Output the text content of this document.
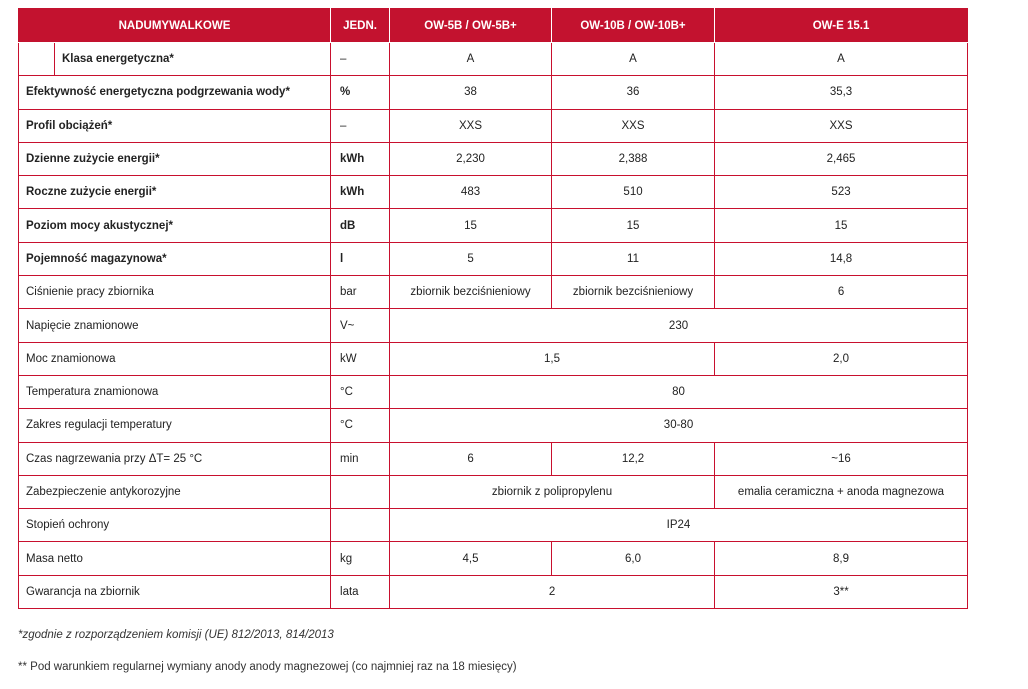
NADUMYWALKOWE		JEDN.	OW-5B / OW-5B+	OW-10B / OW-10B+	OW-E 15.1
	Klasa energetyczna*	–	A	A	A
Efektywność energetyczna podgrzewania wody*		%	38	36	35,3
Profil obciążeń*		–	XXS	XXS	XXS
Dzienne zużycie energii*		kWh	2,230	2,388	2,465
Roczne zużycie energii*		kWh	483	510	523
Poziom mocy akustycznej*		dB	15	15	15
Pojemność magazynowa*		l	5	11	14,8
Ciśnienie pracy zbiornika		bar	zbiornik bezciśnieniowy	zbiornik bezciśnieniowy	6
Napięcie znamionowe		V~	230		
Moc znamionowa		kW	1,5		2,0
Temperatura znamionowa		°C	80		
Zakres regulacji temperatury		°C	30-80		
Czas nagrzewania przy ΔT= 25 °C		min	6	12,2	~16
Zabezpieczenie antykorozyjne			zbiornik z polipropylenu		emalia ceramiczna + anoda magnezowa
Stopień ochrony			IP24		
Masa netto		kg	4,5	6,0	8,9
Gwarancja na zbiornik		lata	2		3**
*zgodnie z rozporządzeniem komisji (UE) 812/2013, 814/2013
** Pod warunkiem regularnej wymiany anody anody magnezowej (co najmniej raz na 18 miesięcy)
